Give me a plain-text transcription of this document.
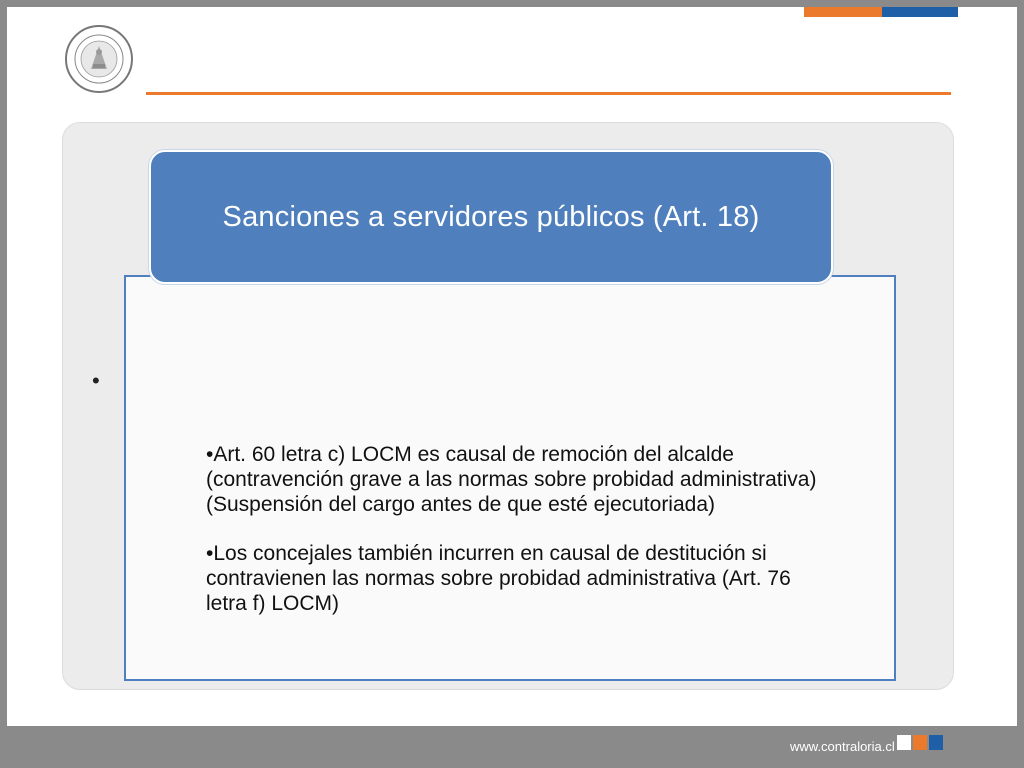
•
Sanciones a servidores públicos (Art. 18)
•Art. 60 letra c) LOCM es causal de remoción del alcalde (contravención grave a las normas sobre probidad administrativa) (Suspensión del cargo antes de que esté ejecutoriada)
•Los concejales también incurren en causal de destitución si contravienen las normas sobre probidad administrativa (Art. 76 letra f) LOCM)
www.contraloria.cl
